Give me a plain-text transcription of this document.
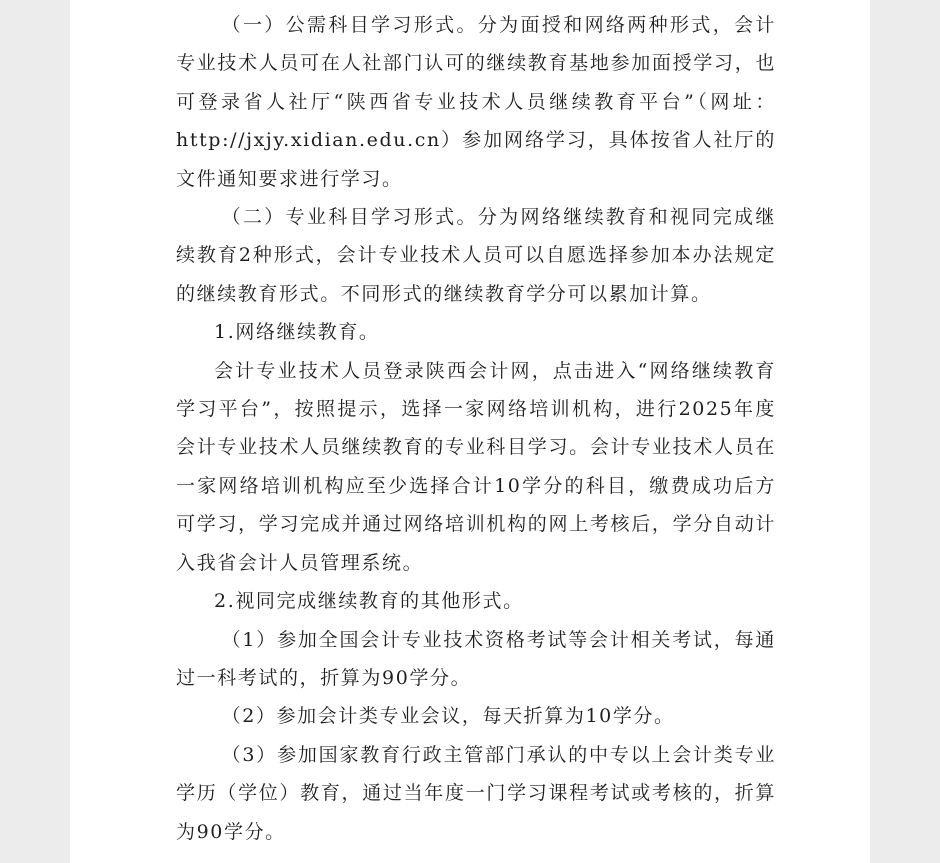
（一）公需科目学习形式。分为面授和网络两种形式，会计专业技术人员可在人社部门认可的继续教育基地参加面授学习，也可登录省人社厅“陕西省专业技术人员继续教育平台”（网址：http://jxjy.xidian.edu.cn）参加网络学习，具体按省人社厅的文件通知要求进行学习。

（二）专业科目学习形式。分为网络继续教育和视同完成继续教育2种形式，会计专业技术人员可以自愿选择参加本办法规定的继续教育形式。不同形式的继续教育学分可以累加计算。

1.网络继续教育。

会计专业技术人员登录陕西会计网，点击进入“网络继续教育学习平台”，按照提示，选择一家网络培训机构，进行2025年度会计专业技术人员继续教育的专业科目学习。会计专业技术人员在一家网络培训机构应至少选择合计10学分的科目，缴费成功后方可学习，学习完成并通过网络培训机构的网上考核后，学分自动计入我省会计人员管理系统。

2.视同完成继续教育的其他形式。

（1）参加全国会计专业技术资格考试等会计相关考试，每通过一科考试的，折算为90学分。

（2）参加会计类专业会议，每天折算为10学分。

（3）参加国家教育行政主管部门承认的中专以上会计类专业学历（学位）教育，通过当年度一门学习课程考试或考核的，折算为90学分。
